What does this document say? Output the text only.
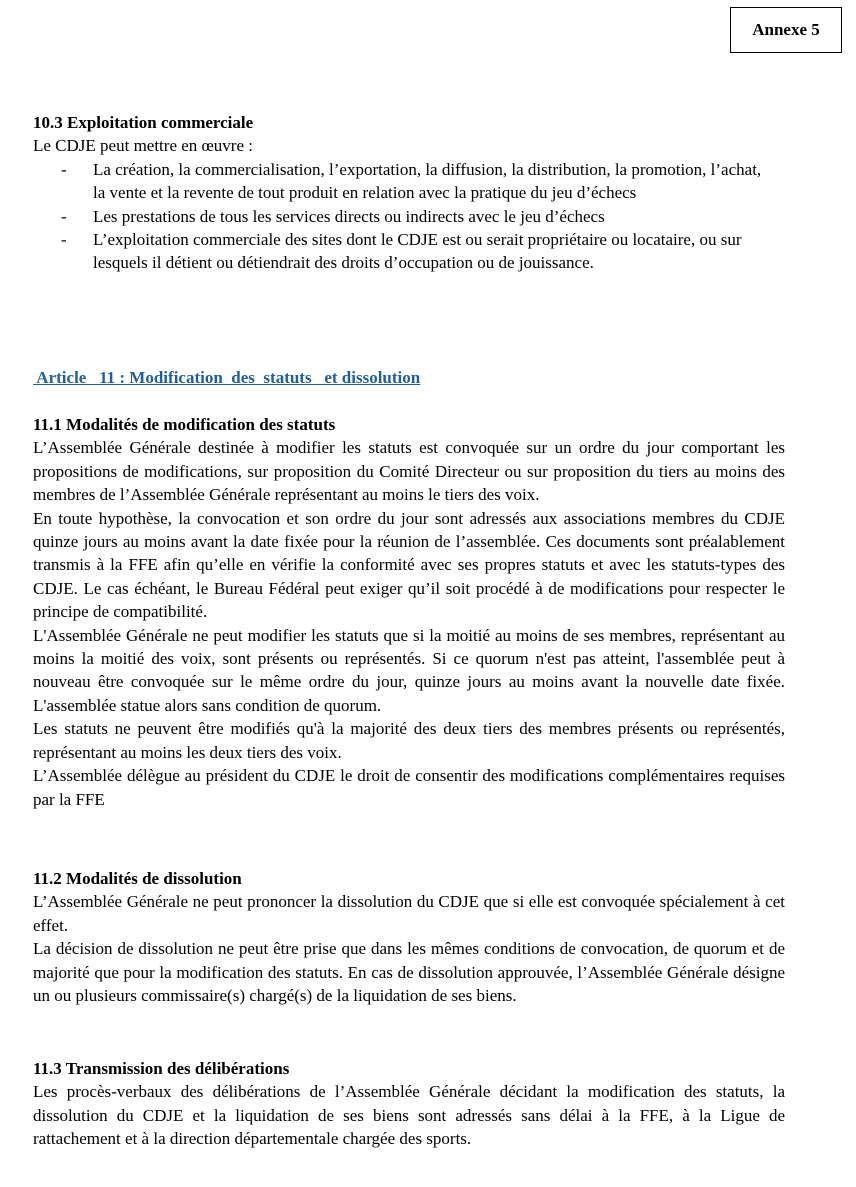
Annexe 5

10.3 Exploitation commerciale

Le CDJE peut mettre en œuvre :

- La création, la commercialisation, l’exportation, la diffusion, la distribution, la promotion, l’achat, la vente et la revente de tout produit en relation avec la pratique du jeu d’échecs
- Les prestations de tous les services directs ou indirects avec le jeu d’échecs
- L’exploitation commerciale des sites dont le CDJE est ou serait propriétaire ou locataire, ou sur lesquels il détient ou détiendrait des droits d’occupation ou de jouissance.
Article   11 : Modification  des  statuts   et dissolution

11.1 Modalités de modification des statuts

L’Assemblée Générale destinée à modifier les statuts est convoquée sur un ordre du jour comportant les propositions de modifications, sur proposition du Comité Directeur ou sur proposition du tiers au moins des membres de l’Assemblée Générale représentant au moins le tiers des voix.

En toute hypothèse, la convocation et son ordre du jour sont adressés aux associations membres du CDJE quinze jours au moins avant la date fixée pour la réunion de l’assemblée. Ces documents sont préalablement transmis à la FFE afin qu’elle en vérifie la conformité avec ses propres statuts et avec les statuts-types des CDJE. Le cas échéant, le Bureau Fédéral peut exiger qu’il soit procédé à de modifications pour respecter le principe de compatibilité.

L'Assemblée Générale ne peut modifier les statuts que si la moitié au moins de ses membres, représentant au moins la moitié des voix, sont présents ou représentés. Si ce quorum n'est pas atteint, l'assemblée peut à nouveau être convoquée sur le même ordre du jour, quinze jours au moins avant la nouvelle date fixée. L'assemblée statue alors sans condition de quorum.

Les statuts ne peuvent être modifiés qu'à la majorité des deux tiers des membres présents ou représentés, représentant au moins les deux tiers des voix.

L’Assemblée délègue au président du CDJE le droit de consentir des modifications complémentaires requises par la FFE

11.2 Modalités de dissolution

L’Assemblée Générale ne peut prononcer la dissolution du CDJE que si elle est convoquée spécialement à cet effet.

La décision de dissolution ne peut être prise que dans les mêmes conditions de convocation, de quorum et de majorité que pour la modification des statuts. En cas de dissolution approuvée, l’Assemblée Générale désigne un ou plusieurs commissaire(s) chargé(s) de la liquidation de ses biens.

11.3 Transmission des délibérations

Les procès-verbaux des délibérations de l’Assemblée Générale décidant la modification des statuts, la dissolution du CDJE et la liquidation de ses biens sont adressés sans délai à la FFE, à la Ligue de rattachement et à la direction départementale chargée des sports.
